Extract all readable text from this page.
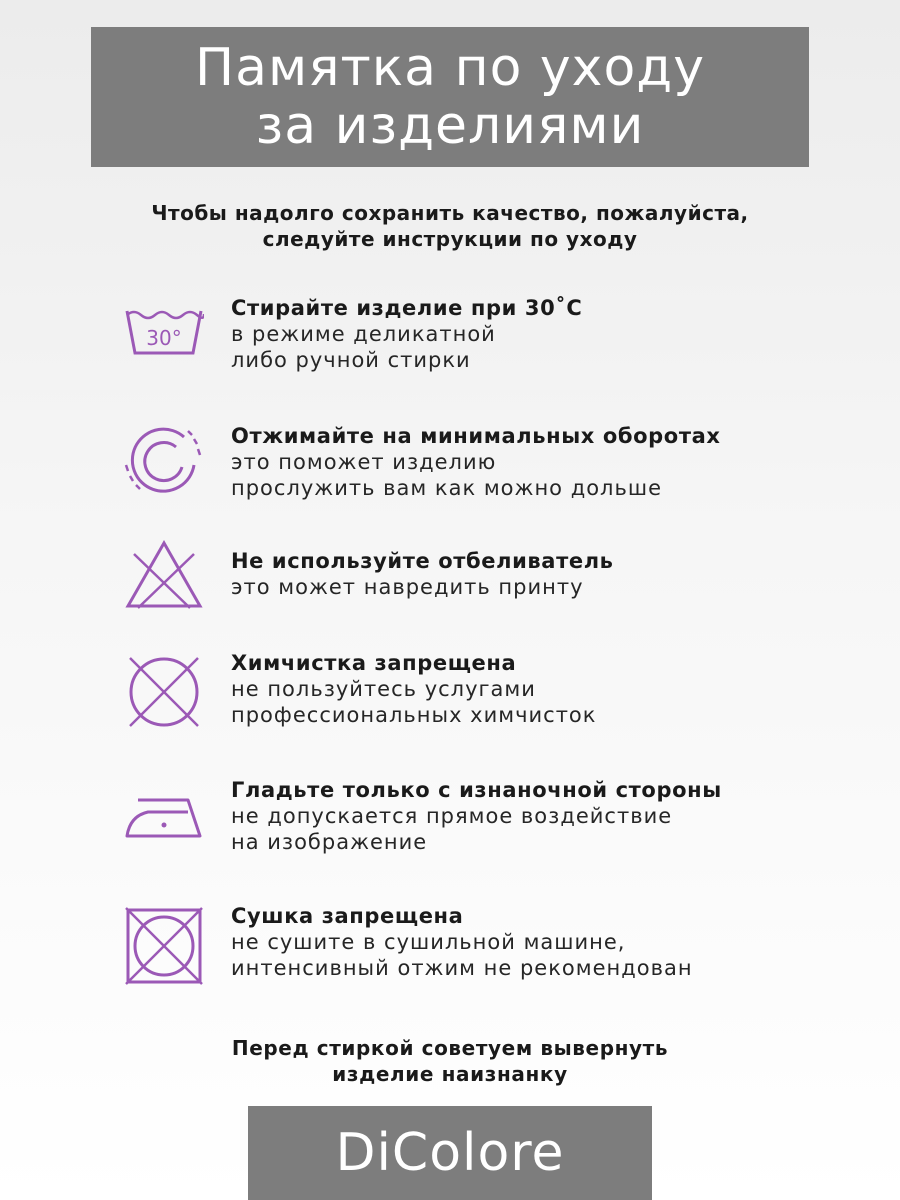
Памятка по уходу
за изделиями
Чтобы надолго сохранить качество, пожалуйста,
следуйте инструкции по уходу
30°
Стирайте изделие при 30˚C
в режиме деликатной
либо ручной стирки
Отжимайте на минимальных оборотах
это поможет изделию
прослужить вам как можно дольше
Не используйте отбеливатель
это может навредить принту
Химчистка запрещена
не пользуйтесь услугами
профессиональных химчисток
Гладьте только с изнаночной стороны
не допускается прямое воздействие
на изображение
Сушка запрещена
не сушите в сушильной машине,
интенсивный отжим не рекомендован
Перед стиркой советуем вывернуть
изделие наизнанку
DiColore
